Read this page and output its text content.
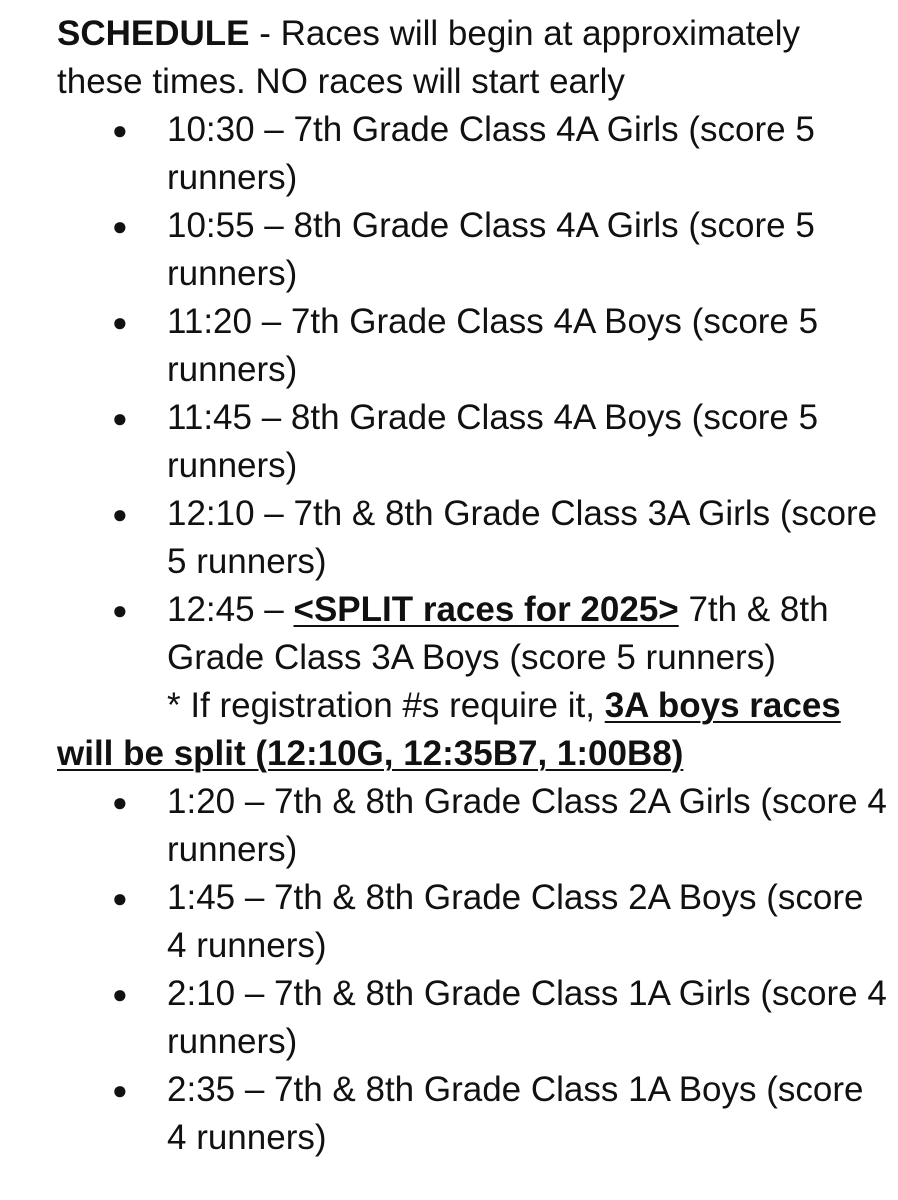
SCHEDULE - Races will begin at approximately these times. NO races will start early

● 10:30 – 7th Grade Class 4A Girls (score 5 runners)
● 10:55 – 8th Grade Class 4A Girls (score 5 runners)
● 11:20 – 7th Grade Class 4A Boys (score 5 runners)
● 11:45 – 8th Grade Class 4A Boys (score 5 runners)
● 12:10 – 7th & 8th Grade Class 3A Girls (score 5 runners)
● 12:45 – <SPLIT races for 2025> 7th & 8th Grade Class 3A Boys (score 5 runners)

* If registration #s require it, 3A boys races will be split (12:10G, 12:35B7, 1:00B8)

● 1:20 – 7th & 8th Grade Class 2A Girls (score 4 runners)
● 1:45 – 7th & 8th Grade Class 2A Boys (score 4 runners)
● 2:10 – 7th & 8th Grade Class 1A Girls (score 4 runners)
● 2:35 – 7th & 8th Grade Class 1A Boys (score 4 runners)
